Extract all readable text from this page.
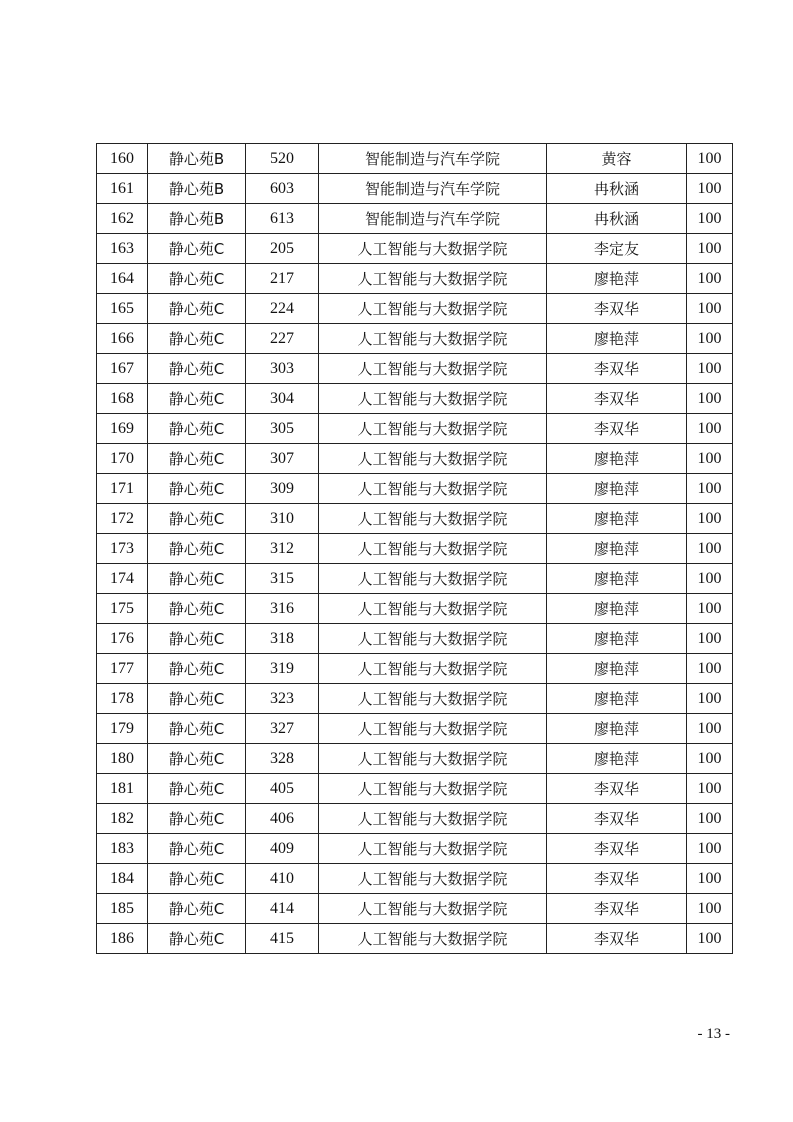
160	静心苑B	520	智能制造与汽车学院	黄容	100
161	静心苑B	603	智能制造与汽车学院	冉秋涵	100
162	静心苑B	613	智能制造与汽车学院	冉秋涵	100
163	静心苑C	205	人工智能与大数据学院	李定友	100
164	静心苑C	217	人工智能与大数据学院	廖艳萍	100
165	静心苑C	224	人工智能与大数据学院	李双华	100
166	静心苑C	227	人工智能与大数据学院	廖艳萍	100
167	静心苑C	303	人工智能与大数据学院	李双华	100
168	静心苑C	304	人工智能与大数据学院	李双华	100
169	静心苑C	305	人工智能与大数据学院	李双华	100
170	静心苑C	307	人工智能与大数据学院	廖艳萍	100
171	静心苑C	309	人工智能与大数据学院	廖艳萍	100
172	静心苑C	310	人工智能与大数据学院	廖艳萍	100
173	静心苑C	312	人工智能与大数据学院	廖艳萍	100
174	静心苑C	315	人工智能与大数据学院	廖艳萍	100
175	静心苑C	316	人工智能与大数据学院	廖艳萍	100
176	静心苑C	318	人工智能与大数据学院	廖艳萍	100
177	静心苑C	319	人工智能与大数据学院	廖艳萍	100
178	静心苑C	323	人工智能与大数据学院	廖艳萍	100
179	静心苑C	327	人工智能与大数据学院	廖艳萍	100
180	静心苑C	328	人工智能与大数据学院	廖艳萍	100
181	静心苑C	405	人工智能与大数据学院	李双华	100
182	静心苑C	406	人工智能与大数据学院	李双华	100
183	静心苑C	409	人工智能与大数据学院	李双华	100
184	静心苑C	410	人工智能与大数据学院	李双华	100
185	静心苑C	414	人工智能与大数据学院	李双华	100
186	静心苑C	415	人工智能与大数据学院	李双华	100
- 13 -
